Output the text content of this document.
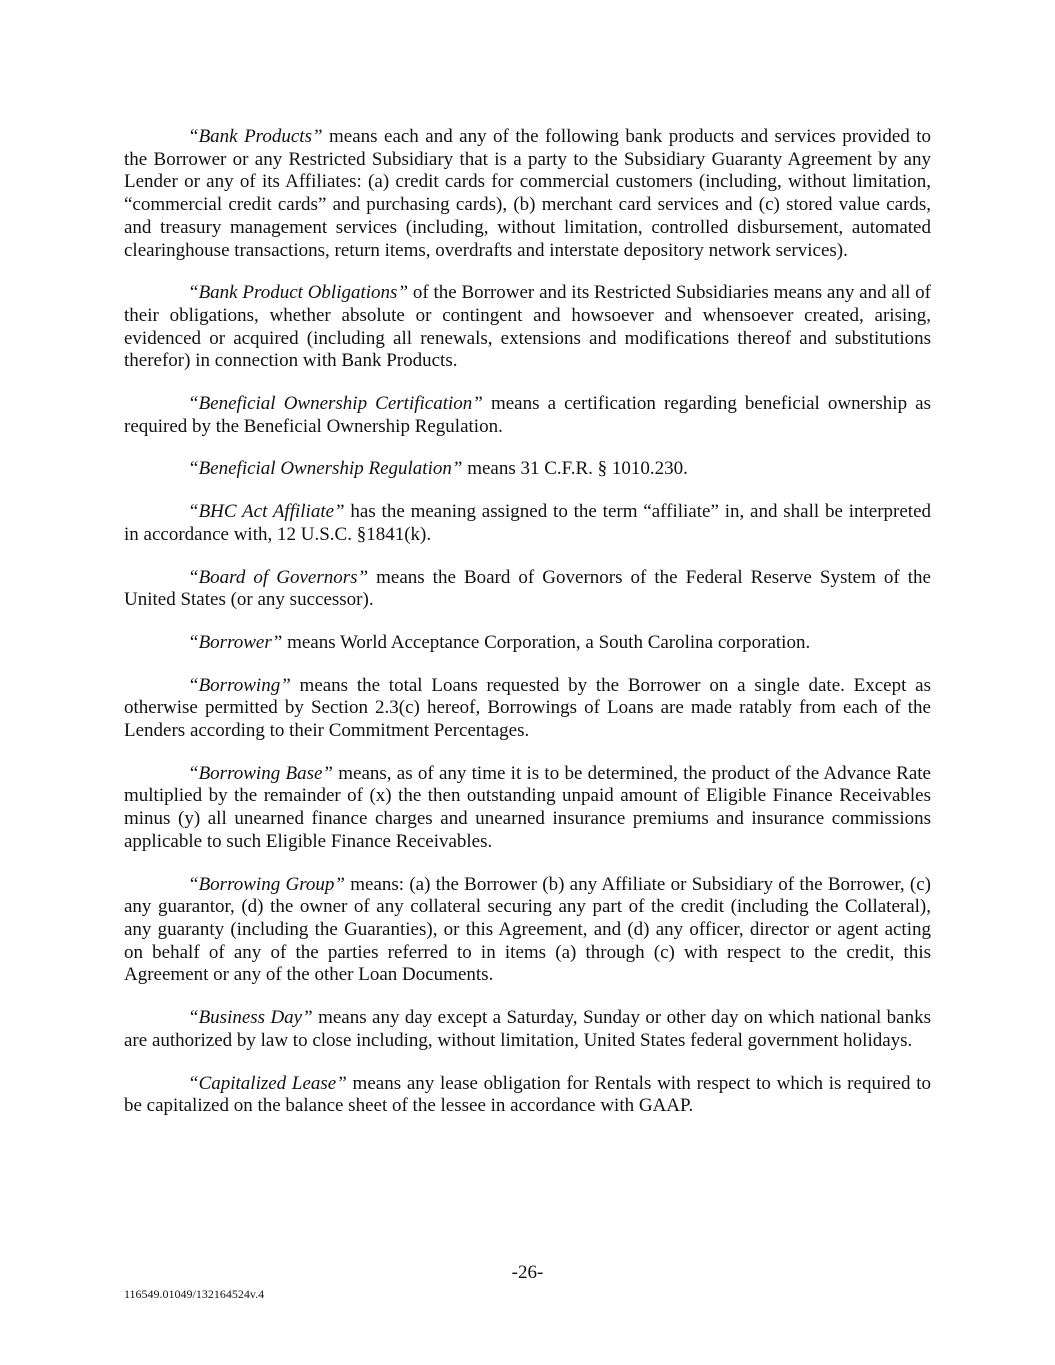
“Bank Products” means each and any of the following bank products and services provided to the Borrower or any Restricted Subsidiary that is a party to the Subsidiary Guaranty Agreement by any Lender or any of its Affiliates: (a) credit cards for commercial customers (including, without limitation, “commercial credit cards” and purchasing cards), (b) merchant card services and (c) stored value cards, and treasury management services (including, without limitation, controlled disbursement, automated clearinghouse transactions, return items, overdrafts and interstate depository network services).

“Bank Product Obligations” of the Borrower and its Restricted Subsidiaries means any and all of their obligations, whether absolute or contingent and howsoever and whensoever created, arising, evidenced or acquired (including all renewals, extensions and modifications thereof and substitutions therefor) in connection with Bank Products.

“Beneficial Ownership Certification” means a certification regarding beneficial ownership as required by the Beneficial Ownership Regulation.

“Beneficial Ownership Regulation” means 31 C.F.R. § 1010.230.

“BHC Act Affiliate” has the meaning assigned to the term “affiliate” in, and shall be interpreted in accordance with, 12 U.S.C. §1841(k).

“Board of Governors” means the Board of Governors of the Federal Reserve System of the United States (or any successor).

“Borrower” means World Acceptance Corporation, a South Carolina corporation.

“Borrowing” means the total Loans requested by the Borrower on a single date. Except as otherwise permitted by Section 2.3(c) hereof, Borrowings of Loans are made ratably from each of the Lenders according to their Commitment Percentages.

“Borrowing Base” means, as of any time it is to be determined, the product of the Advance Rate multiplied by the remainder of (x) the then outstanding unpaid amount of Eligible Finance Receivables minus (y) all unearned finance charges and unearned insurance premiums and insurance commissions applicable to such Eligible Finance Receivables.

“Borrowing Group” means: (a) the Borrower (b) any Affiliate or Subsidiary of the Borrower, (c) any guarantor, (d) the owner of any collateral securing any part of the credit (including the Collateral), any guaranty (including the Guaranties), or this Agreement, and (d) any officer, director or agent acting on behalf of any of the parties referred to in items (a) through (c) with respect to the credit, this Agreement or any of the other Loan Documents.

“Business Day” means any day except a Saturday, Sunday or other day on which national banks are authorized by law to close including, without limitation, United States federal government holidays.

“Capitalized Lease” means any lease obligation for Rentals with respect to which is required to be capitalized on the balance sheet of the lessee in accordance with GAAP.

-26-
116549.01049/132164524v.4
